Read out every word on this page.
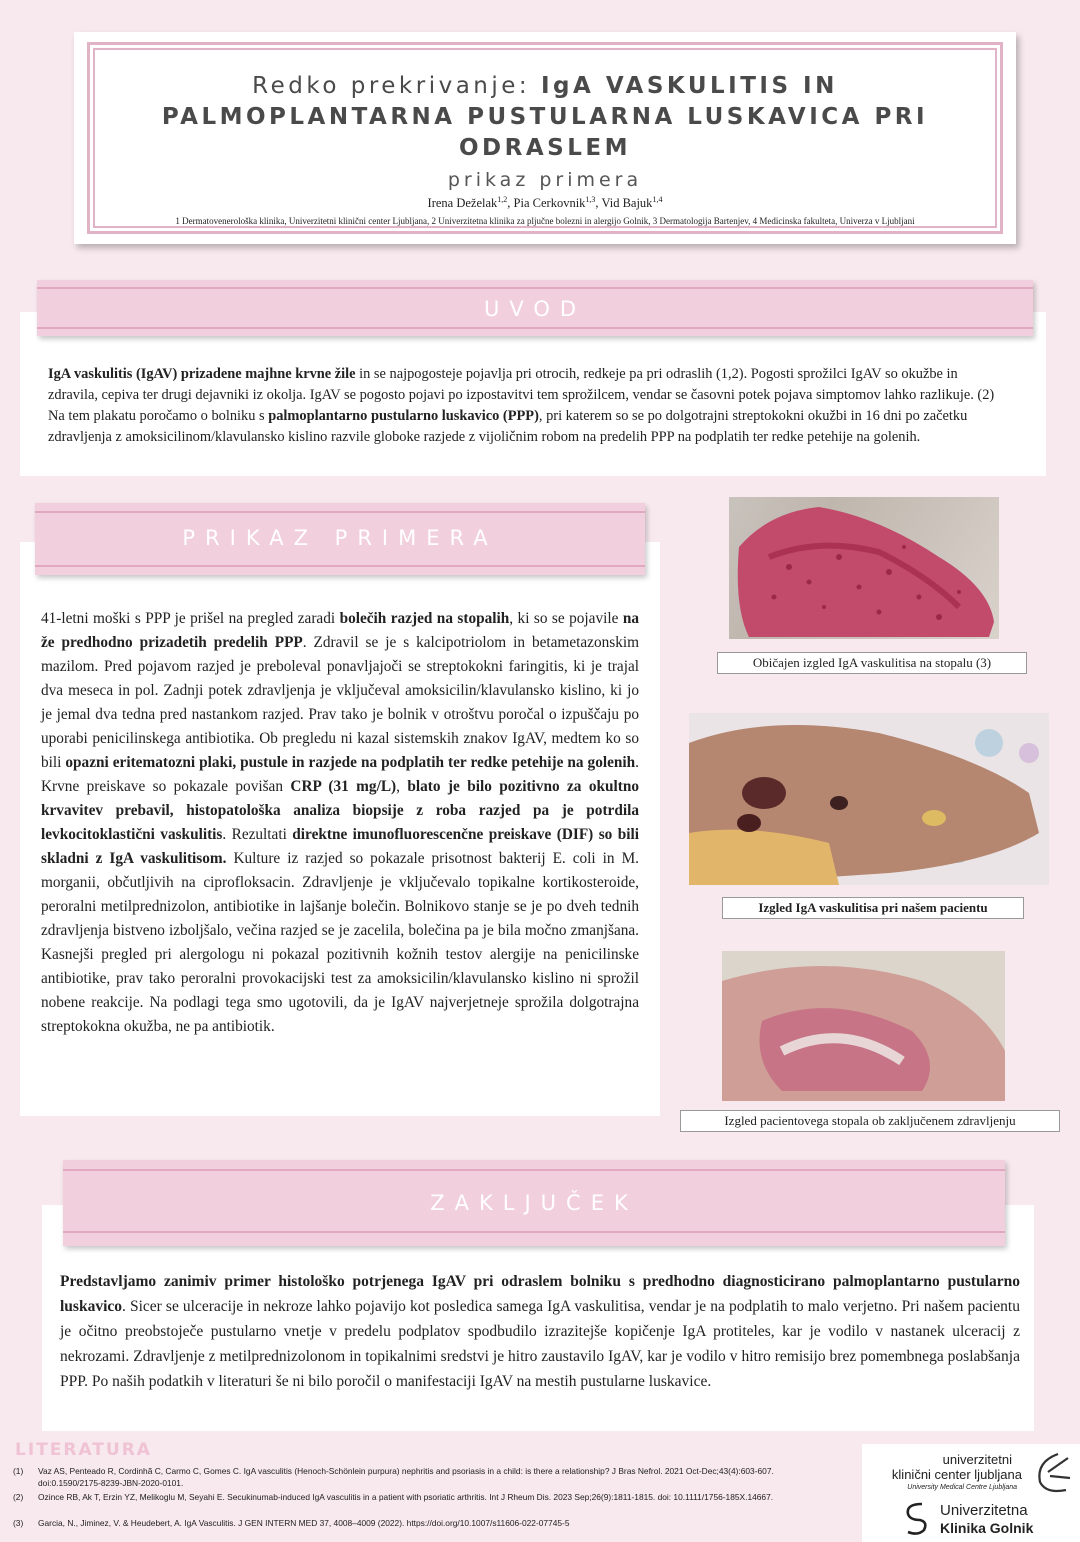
Redko prekrivanje: IgA VASKULITIS IN
PALMOPLANTARNA PUSTULARNA LUSKAVICA PRI
ODRASLEM
prikaz primera
Irena Deželak$^{1,2}$, Pia Cerkovnik$^{1,3}$, Vid Bajuk$^{1,4}$
1 Dermatovenerološka klinika, Univerzitetni klinični center Ljubljana, 2 Univerzitetna klinika za pljučne bolezni in alergijo Golnik, 3 Dermatologija Bartenjev, 4 Medicinska fakulteta, Univerza v Ljubljani
UVOD
IgA vaskulitis (IgAV) prizadene majhne krvne žile in se najpogosteje pojavlja pri otrocih, redkeje pa pri odraslih (1,2). Pogosti sprožilci IgAV so okužbe in zdravila, cepiva ter drugi dejavniki iz okolja. IgAV se pogosto pojavi po izpostavitvi tem sprožilcem, vendar se časovni potek pojava simptomov lahko razlikuje. (2) Na tem plakatu poročamo o bolniku s palmoplantarno pustularno luskavico (PPP), pri katerem so se po dolgotrajni streptokokni okužbi in 16 dni po začetku zdravljenja z amoksicilinom/klavulansko kislino razvile globoke razjede z vijoličnim robom na predelih PPP na podplatih ter redke petehije na golenih.
PRIKAZ PRIMERA
41-letni moški s PPP je prišel na pregled zaradi bolečih razjed na stopalih, ki so se pojavile na že predhodno prizadetih predelih PPP. Zdravil se je s kalcipotriolom in betametazonskim mazilom. Pred pojavom razjed je preboleval ponavljajoči se streptokokni faringitis, ki je trajal dva meseca in pol. Zadnji potek zdravljenja je vključeval amoksicilin/klavulansko kislino, ki jo je jemal dva tedna pred nastankom razjed. Prav tako je bolnik v otroštvu poročal o izpuščaju po uporabi penicilinskega antibiotika. Ob pregledu ni kazal sistemskih znakov IgAV, medtem ko so bili opazni eritematozni plaki, pustule in razjede na podplatih ter redke petehije na golenih. Krvne preiskave so pokazale povišan CRP (31 mg/L), blato je bilo pozitivno za okultno krvavitev prebavil, histopatološka analiza biopsije z roba razjed pa je potrdila levkocitoklastični vaskulitis. Rezultati direktne imunofluorescenčne preiskave (DIF) so bili skladni z IgA vaskulitisom. Kulture iz razjed so pokazale prisotnost bakterij E. coli in M. morganii, občutljivih na ciprofloksacin. Zdravljenje je vključevalo topikalne kortikosteroide, peroralni metilprednizolon, antibiotike in lajšanje bolečin. Bolnikovo stanje se je po dveh tednih zdravljenja bistveno izboljšalo, večina razjed se je zacelila, bolečina pa je bila močno zmanjšana. Kasnejši pregled pri alergologu ni pokazal pozitivnih kožnih testov alergije na penicilinske antibiotike, prav tako peroralni provokacijski test za amoksicilin/klavulansko kislino ni sprožil nobene reakcije. Na podlagi tega smo ugotovili, da je IgAV najverjetneje sprožila dolgotrajna streptokokna okužba, ne pa antibiotik.
Običajen izgled IgA vaskulitisa na stopalu (3)
Izgled IgA vaskulitisa pri našem pacientu
Izgled pacientovega stopala ob zaključenem zdravljenju
ZAKLJUČEK
Predstavljamo zanimiv primer histološko potrjenega IgAV pri odraslem bolniku s predhodno diagnosticirano palmoplantarno pustularno luskavico. Sicer se ulceracije in nekroze lahko pojavijo kot posledica samega IgA vaskulitisa, vendar je na podplatih to malo verjetno. Pri našem pacientu je očitno preobstoječe pustularno vnetje v predelu podplatov spodbudilo izrazitejše kopičenje IgA protiteles, kar je vodilo v nastanek ulceracij z nekrozami. Zdravljenje z metilprednizolonom in topikalnimi sredstvi je hitro zaustavilo IgAV, kar je vodilo v hitro remisijo brez pomembnega poslabšanja PPP. Po naših podatkih v literaturi še ni bilo poročil o manifestaciji IgAV na mestih pustularne luskavice.
LITERATURA
(1) Vaz AS, Penteado R, Cordinhã C, Carmo C, Gomes C. IgA vasculitis (Henoch-Schönlein purpura) nephritis and psoriasis in a child: is there a relationship? J Bras Nefrol. 2021 Oct-Dec;43(4):603-607. doi:0.1590/2175-8239-JBN-2020-0101.
(2) Ozince RB, Ak T, Erzin YZ, Melikoglu M, Seyahi E. Secukinumab-induced IgA vasculitis in a patient with psoriatic arthritis. Int J Rheum Dis. 2023 Sep;26(9):1811-1815. doi: 10.1111/1756-185X.14667.
(3) Garcia, N., Jiminez, V. & Heudebert, A. IgA Vasculitis. J GEN INTERN MED 37, 4008–4009 (2022). https://doi.org/10.1007/s11606-022-07745-5
univerzitetni
klinični center ljubljana
University Medical Centre Ljubljana
Univerzitetna
Klinika Golnik
